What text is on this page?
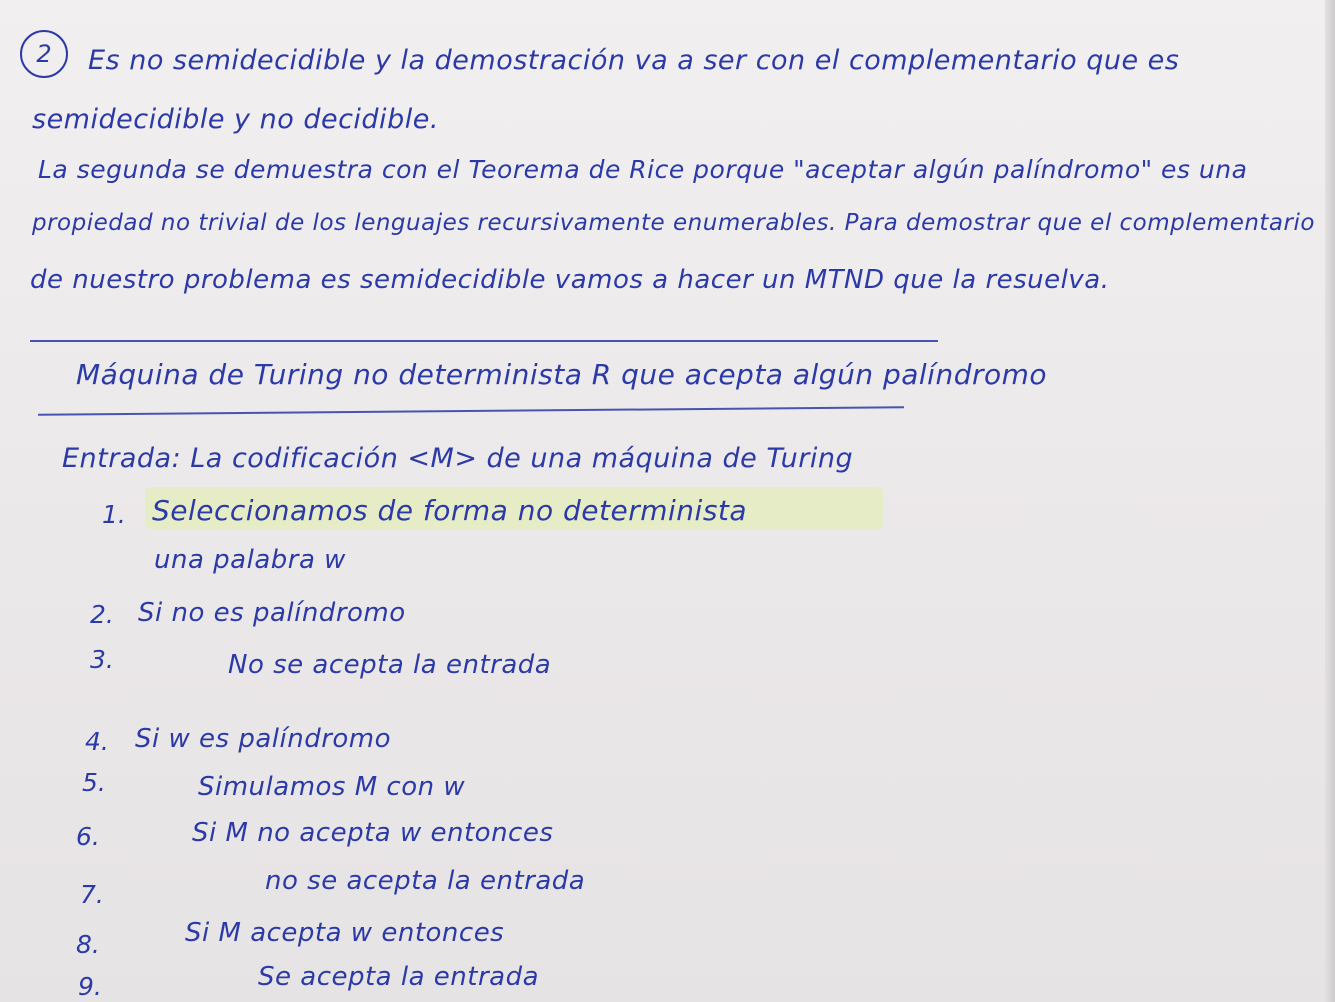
2	Es no semidecidible y la demostración va a ser con el complementario que es
semidecidible y no decidible.
La segunda se demuestra con el Teorema de Rice porque "aceptar algún palíndromo" es una
propiedad no trivial de los lenguajes recursivamente enumerables. Para demostrar que el complementario
de nuestro problema es semidecidible vamos a hacer un MTND que la resuelva.
Máquina de Turing no determinista R que acepta algún palíndromo
Entrada: La codificación <M> de una máquina de Turing
1. Seleccionamos de forma no determinista
una palabra w
2. Si no es palíndromo
3.	No se acepta la entrada
4. Si w es palíndromo
5.	Simulamos M con w
6.	Si M no acepta w entonces
7.	no se acepta la entrada
8.	Si M acepta w entonces
9.	Se acepta la entrada
